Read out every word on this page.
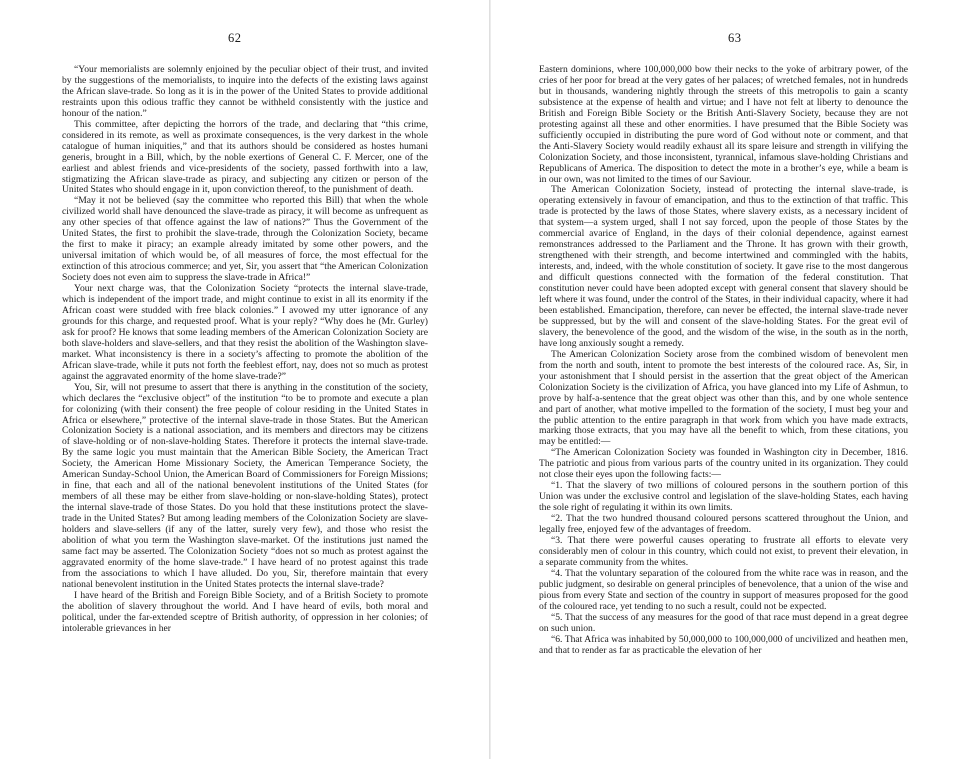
62

“Your memorialists are solemnly enjoined by the peculiar object of their trust, and invited by the suggestions of the memorialists, to inquire into the defects of the existing laws against the African slave-trade. So long as it is in the power of the United States to provide additional restraints upon this odious traffic they cannot be withheld consistently with the justice and honour of the nation.”

This committee, after depicting the horrors of the trade, and declaring that “this crime, considered in its remote, as well as proximate consequences, is the very darkest in the whole catalogue of human iniquities,” and that its authors should be considered as hostes humani generis, brought in a Bill, which, by the noble exertions of General C. F. Mercer, one of the earliest and ablest friends and vice-presidents of the society, passed forthwith into a law, stigmatizing the African slave-trade as piracy, and subjecting any citizen or person of the United States who should engage in it, upon conviction thereof, to the punishment of death.

“May it not be believed (say the committee who reported this Bill) that when the whole civilized world shall have denounced the slave-trade as piracy, it will become as unfrequent as any other species of that offence against the law of nations?” Thus the Government of the United States, the first to prohibit the slave-trade, through the Colonization Society, became the first to make it piracy; an example already imitated by some other powers, and the universal imitation of which would be, of all measures of force, the most effectual for the extinction of this atrocious commerce; and yet, Sir, you assert that “the American Colonization Society does not even aim to suppress the slave-trade in Africa!”

Your next charge was, that the Colonization Society “protects the internal slave-trade, which is independent of the import trade, and might continue to exist in all its enormity if the African coast were studded with free black colonies.” I avowed my utter ignorance of any grounds for this charge, and requested proof. What is your reply? “Why does he (Mr. Gurley) ask for proof? He knows that some leading members of the American Colonization Society are both slave-holders and slave-sellers, and that they resist the abolition of the Washington slave-market. What inconsistency is there in a society’s affecting to promote the abolition of the African slave-trade, while it puts not forth the feeblest effort, nay, does not so much as protest against the aggravated enormity of the home slave-trade?”

You, Sir, will not presume to assert that there is anything in the constitution of the society, which declares the “exclusive object” of the institution “to be to promote and execute a plan for colonizing (with their consent) the free people of colour residing in the United States in Africa or elsewhere,” protective of the internal slave-trade in those States. But the American Colonization Society is a national association, and its members and directors may be citizens of slave-holding or of non-slave-holding States. Therefore it protects the internal slave-trade. By the same logic you must maintain that the American Bible Society, the American Tract Society, the American Home Missionary Society, the American Temperance Society, the American Sunday-School Union, the American Board of Commissioners for Foreign Missions; in fine, that each and all of the national benevolent institutions of the United States (for members of all these may be either from slave-holding or non-slave-holding States), protect the internal slave-trade of those States. Do you hold that these institutions protect the slave-trade in the United States? But among leading members of the Colonization Society are slave-holders and slave-sellers (if any of the latter, surely very few), and those who resist the abolition of what you term the Washington slave-market. Of the institutions just named the same fact may be asserted. The Colonization Society “does not so much as protest against the aggravated enormity of the home slave-trade.” I have heard of no protest against this trade from the associations to which I have alluded. Do you, Sir, therefore maintain that every national benevolent institution in the United States protects the internal slave-trade?

I have heard of the British and Foreign Bible Society, and of a British Society to promote the abolition of slavery throughout the world. And I have heard of evils, both moral and political, under the far-extended sceptre of British authority, of oppression in her colonies; of intolerable grievances in her

63

Eastern dominions, where 100,000,000 bow their necks to the yoke of arbitrary power, of the cries of her poor for bread at the very gates of her palaces; of wretched females, not in hundreds but in thousands, wandering nightly through the streets of this metropolis to gain a scanty subsistence at the expense of health and virtue; and I have not felt at liberty to denounce the British and Foreign Bible Society or the British Anti-Slavery Society, because they are not protesting against all these and other enormities. I have presumed that the Bible Society was sufficiently occupied in distributing the pure word of God without note or comment, and that the Anti-Slavery Society would readily exhaust all its spare leisure and strength in vilifying the Colonization Society, and those inconsistent, tyrannical, infamous slave-holding Christians and Republicans of America. The disposition to detect the mote in a brother’s eye, while a beam is in our own, was not limited to the times of our Saviour.

The American Colonization Society, instead of protecting the internal slave-trade, is operating extensively in favour of emancipation, and thus to the extinction of that traffic. This trade is protected by the laws of those States, where slavery exists, as a necessary incident of that system—a system urged, shall I not say forced, upon the people of those States by the commercial avarice of England, in the days of their colonial dependence, against earnest remonstrances addressed to the Parliament and the Throne. It has grown with their growth, strengthened with their strength, and become intertwined and commingled with the habits, interests, and, indeed, with the whole constitution of society. It gave rise to the most dangerous and difficult questions connected with the formation of the federal constitution. That constitution never could have been adopted except with general consent that slavery should be left where it was found, under the control of the States, in their individual capacity, where it had been established. Emancipation, therefore, can never be effected, the internal slave-trade never be suppressed, but by the will and consent of the slave-holding States. For the great evil of slavery, the benevolence of the good, and the wisdom of the wise, in the south as in the north, have long anxiously sought a remedy.

The American Colonization Society arose from the combined wisdom of benevolent men from the north and south, intent to promote the best interests of the coloured race. As, Sir, in your astonishment that I should persist in the assertion that the great object of the American Colonization Society is the civilization of Africa, you have glanced into my Life of Ashmun, to prove by half-a-sentence that the great object was other than this, and by one whole sentence and part of another, what motive impelled to the formation of the society, I must beg your and the public attention to the entire paragraph in that work from which you have made extracts, marking those extracts, that you may have all the benefit to which, from these citations, you may be entitled:—

“The American Colonization Society was founded in Washington city in December, 1816. The patriotic and pious from various parts of the country united in its organization. They could not close their eyes upon the following facts:—

“1. That the slavery of two millions of coloured persons in the southern portion of this Union was under the exclusive control and legislation of the slave-holding States, each having the sole right of regulating it within its own limits.

“2. That the two hundred thousand coloured persons scattered throughout the Union, and legally free, enjoyed few of the advantages of freedom.

“3. That there were powerful causes operating to frustrate all efforts to elevate very considerably men of colour in this country, which could not exist, to prevent their elevation, in a separate community from the whites.

“4. That the voluntary separation of the coloured from the white race was in reason, and the public judgment, so desirable on general principles of benevolence, that a union of the wise and pious from every State and section of the country in support of measures proposed for the good of the coloured race, yet tending to no such a result, could not be expected.

“5. That the success of any measures for the good of that race must depend in a great degree on such union.

“6. That Africa was inhabited by 50,000,000 to 100,000,000 of uncivilized and heathen men, and that to render as far as practicable the elevation of her
